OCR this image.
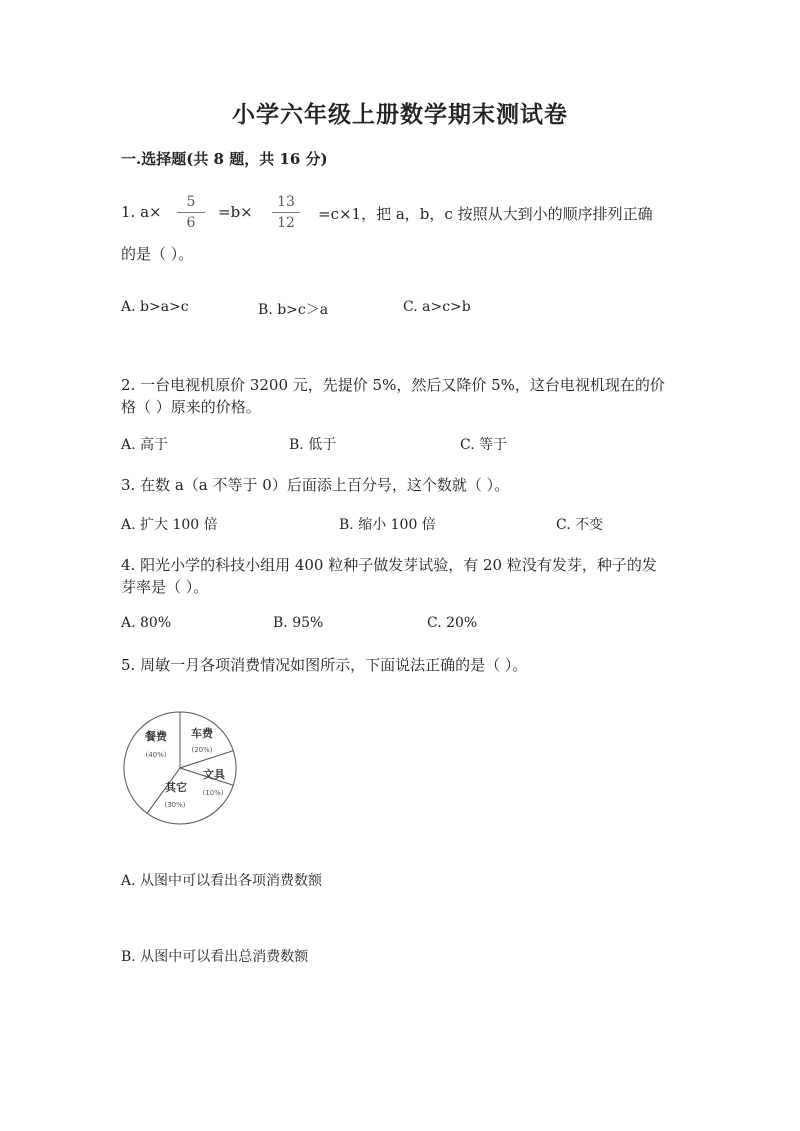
小学六年级上册数学期末测试卷
一.选择题(共 8 题，共 16 分)
1. a×
5
6
=b×
13
12	=c×1，把 a，b，c 按照从大到小的顺序排列正确
的是（ ）。
A. b>a>c	B. b>c＞a	C. a>c>b
2. 一台电视机原价 3200 元，先提价 5%，然后又降价 5%，这台电视机现在的价
格（ ）原来的价格。
A. 高于	B. 低于	C. 等于
3. 在数 a（a 不等于 0）后面添上百分号，这个数就（ ）。
A. 扩大 100 倍	B. 缩小 100 倍	C. 不变
4. 阳光小学的科技小组用 400 粒种子做发芽试验，有 20 粒没有发芽，种子的发
芽率是（ ）。
A. 80%	B. 95%	C. 20%
5. 周敏一月各项消费情况如图所示，下面说法正确的是（ ）。
餐费
(40%)
车费
(20%)
文具
(10%)
其它
(30%)
A. 从图中可以看出各项消费数额
B. 从图中可以看出总消费数额
